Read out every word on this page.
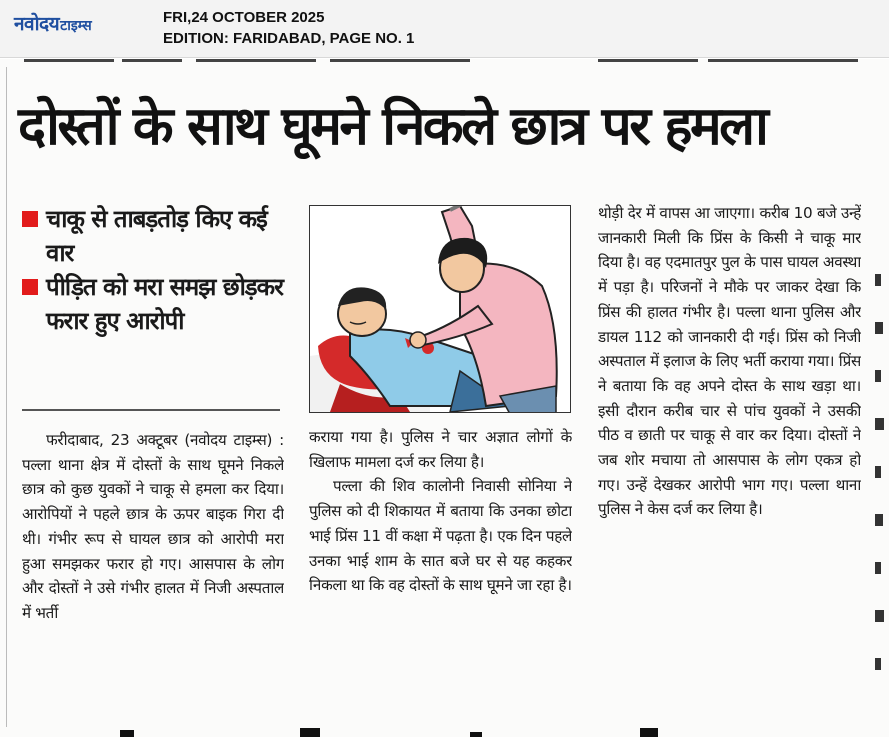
नवोदय टाइम्स	FRI,24 OCTOBER 2025
EDITION: FARIDABAD, PAGE NO. 1
दोस्तों के साथ घूमने निकले छात्र पर हमला
चाकू से ताबड़तोड़ किए कई वार
पीड़ित को मरा समझ छोड़कर फरार हुए आरोपी

फरीदाबाद, 23 अक्टूबर (नवोदय टाइम्स) : पल्ला थाना क्षेत्र में दोस्तों के साथ घूमने निकले छात्र को कुछ युवकों ने चाकू से हमला कर दिया। आरोपियों ने पहले छात्र के ऊपर बाइक गिरा दी थी। गंभीर रूप से घायल छात्र को आरोपी मरा हुआ समझकर फरार हो गए। आसपास के लोग और दोस्तों ने उसे गंभीर हालत में निजी अस्पताल में भर्ती

कराया गया है। पुलिस ने चार अज्ञात लोगों के खिलाफ मामला दर्ज कर लिया है।

पल्ला की शिव कालोनी निवासी सोनिया ने पुलिस को दी शिकायत में बताया कि उनका छोटा भाई प्रिंस 11 वीं कक्षा में पढ़ता है। एक दिन पहले उनका भाई शाम के सात बजे घर से यह कहकर निकला था कि वह दोस्तों के साथ घूमने जा रहा है।

थोड़ी देर में वापस आ जाएगा। करीब 10 बजे उन्हें जानकारी मिली कि प्रिंस के किसी ने चाकू मार दिया है। वह एदमातपुर पुल के पास घायल अवस्था में पड़ा है। परिजनों ने मौके पर जाकर देखा कि प्रिंस की हालत गंभीर है। पल्ला थाना पुलिस और डायल 112 को जानकारी दी गई। प्रिंस को निजी अस्पताल में इलाज के लिए भर्ती कराया गया। प्रिंस ने बताया कि वह अपने दोस्त के साथ खड़ा था। इसी दौरान करीब चार से पांच युवकों ने उसकी पीठ व छाती पर चाकू से वार कर दिया। दोस्तों ने जब शोर मचाया तो आसपास के लोग एकत्र हो गए। उन्हें देखकर आरोपी भाग गए। पल्ला थाना पुलिस ने केस दर्ज कर लिया है।
